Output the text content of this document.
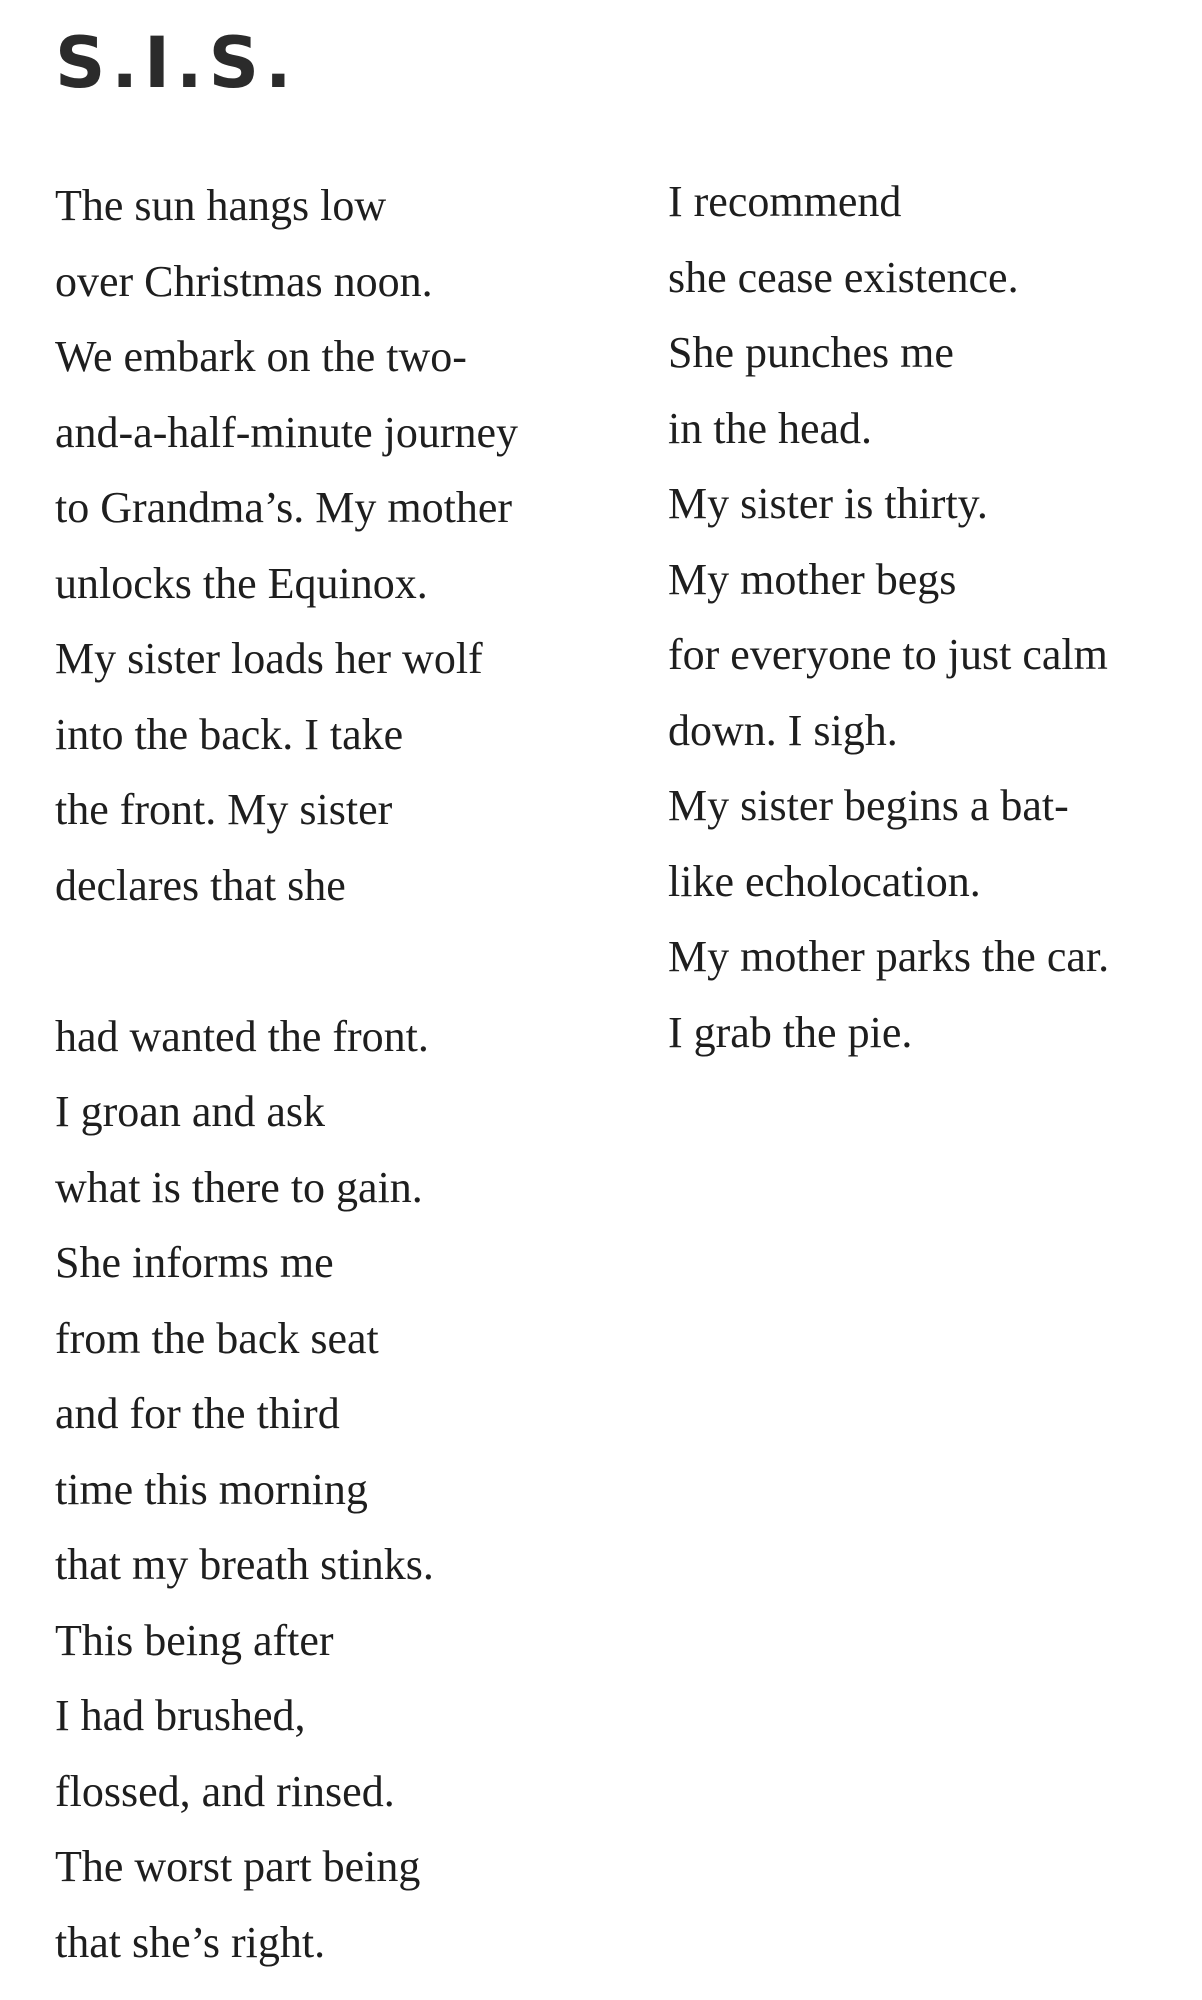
S.I.S.
The sun hangs low
over Christmas noon.
We embark on the two-
and-a-half-minute journey
to Grandma’s. My mother
unlocks the Equinox.
My sister loads her wolf
into the back. I take
the front. My sister
declares that she
had wanted the front.
I groan and ask
what is there to gain.
She informs me
from the back seat
and for the third
time this morning
that my breath stinks.
This being after
I had brushed,
flossed, and rinsed.
The worst part being
that she’s right.
I recommend
she cease existence.
She punches me
in the head.
My sister is thirty.
My mother begs
for everyone to just calm
down. I sigh.
My sister begins a bat-
like echolocation.
My mother parks the car.
I grab the pie.
